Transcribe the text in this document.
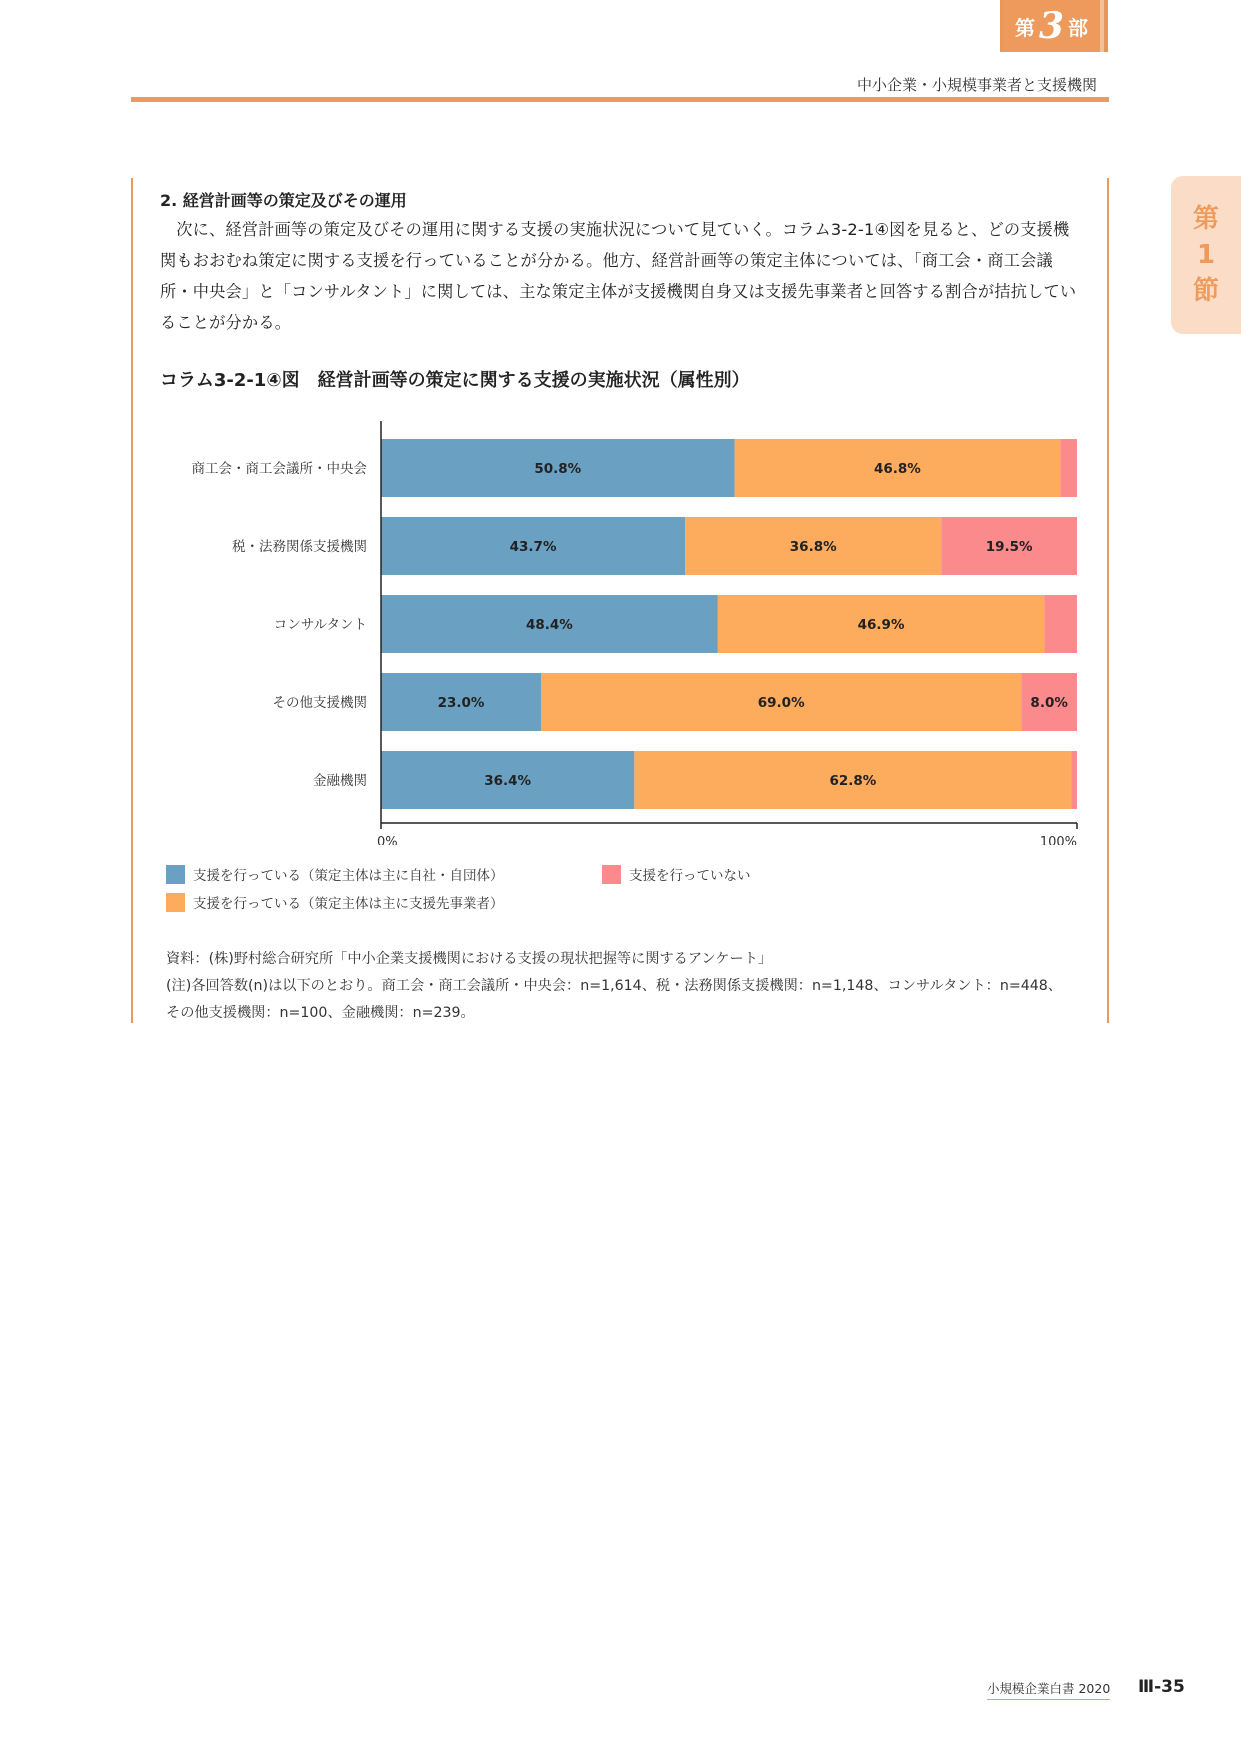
第 3 部
中小企業・小規模事業者と支援機関
第
1
節
2. 経営計画等の策定及びその運用
次に、経営計画等の策定及びその運用に関する支援の実施状況について見ていく。コラム3-2-1④図を見ると、どの支援機関もおおむね策定に関する支援を行っていることが分かる。他方、経営計画等の策定主体については、「商工会・商工会議所・中央会」と「コンサルタント」に関しては、主な策定主体が支援機関自身又は支援先事業者と回答する割合が拮抗していることが分かる。
コラム3-2-1④図　経営計画等の策定に関する支援の実施状況（属性別）
商工会・商工会議所・中央会	50.8%	46.8%
税・法務関係支援機関	43.7%	36.8%	19.5%
コンサルタント	48.4%	46.9%
その他支援機関	23.0%	69.0%	8.0%
金融機関	36.4%	62.8%
0%	100%
支援を行っている（策定主体は主に自社・自団体）
支援を行っている（策定主体は主に支援先事業者）
支援を行っていない
資料：(株)野村総合研究所「中小企業支援機関における支援の現状把握等に関するアンケート」
(注)各回答数(n)は以下のとおり。商工会・商工会議所・中央会：n=1,614、税・法務関係支援機関：n=1,148、コンサルタント：n=448、その他支援機関：n=100、金融機関：n=239。
小規模企業白書 2020 Ⅲ-35
